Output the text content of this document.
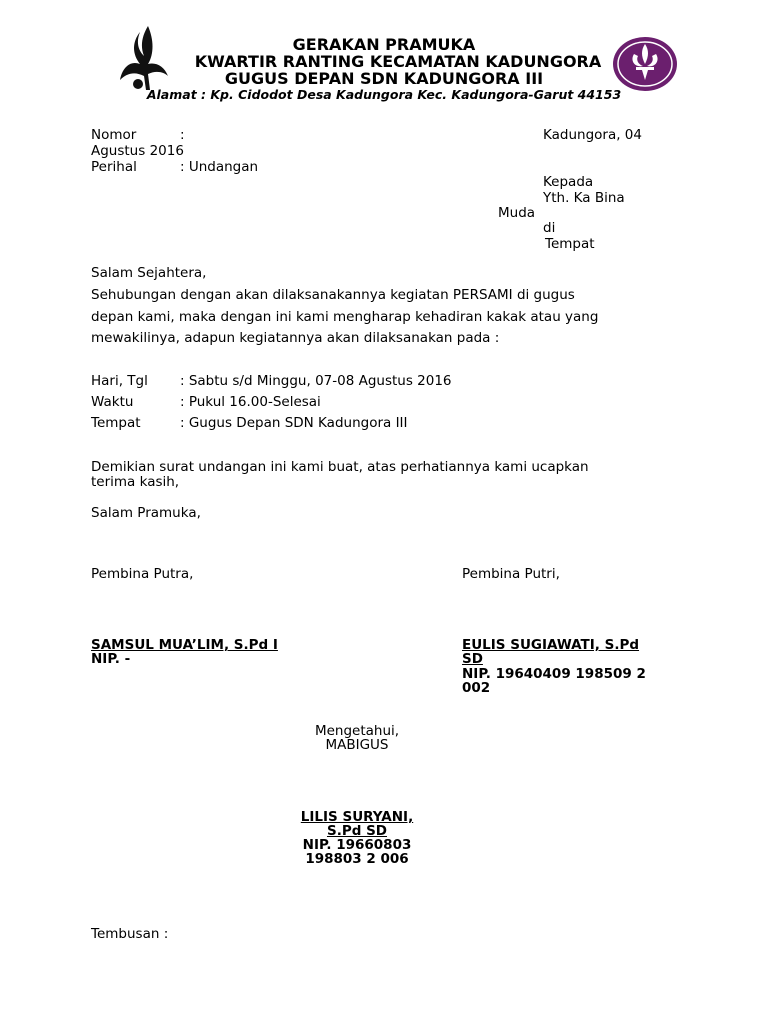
GERAKAN PRAMUKA
KWARTIR RANTING KECAMATAN KADUNGORA
GUGUS DEPAN SDN KADUNGORA III
Alamat : Kp. Cidodot Desa Kadungora Kec. Kadungora-Garut 44153
Nomor	:	Kadungora, 04
Agustus 2016
Perihal	: Undangan
Kepada
Yth. Ka Bina
Muda
di
Tempat
Salam Sejahtera,
Sehubungan dengan akan dilaksanakannya kegiatan PERSAMI di gugus
depan kami, maka dengan ini kami mengharap kehadiran kakak atau yang
mewakilinya, adapun kegiatannya akan dilaksanakan pada :
Hari, Tgl : Sabtu s/d Minggu, 07-08 Agustus 2016
Waktu	: Pukul 16.00-Selesai
Tempat	: Gugus Depan SDN Kadungora III
Demikian surat undangan ini kami buat, atas perhatiannya kami ucapkan
terima kasih,
Salam Pramuka,
Pembina Putra,	Pembina Putri,
SAMSUL MUA’LIM, S.Pd I
NIP. -
EULIS SUGIAWATI, S.Pd
SD
NIP. 19640409 198509 2
002
Mengetahui,
MABIGUS
LILIS SURYANI,
S.Pd SD
NIP. 19660803
198803 2 006
Tembusan :
